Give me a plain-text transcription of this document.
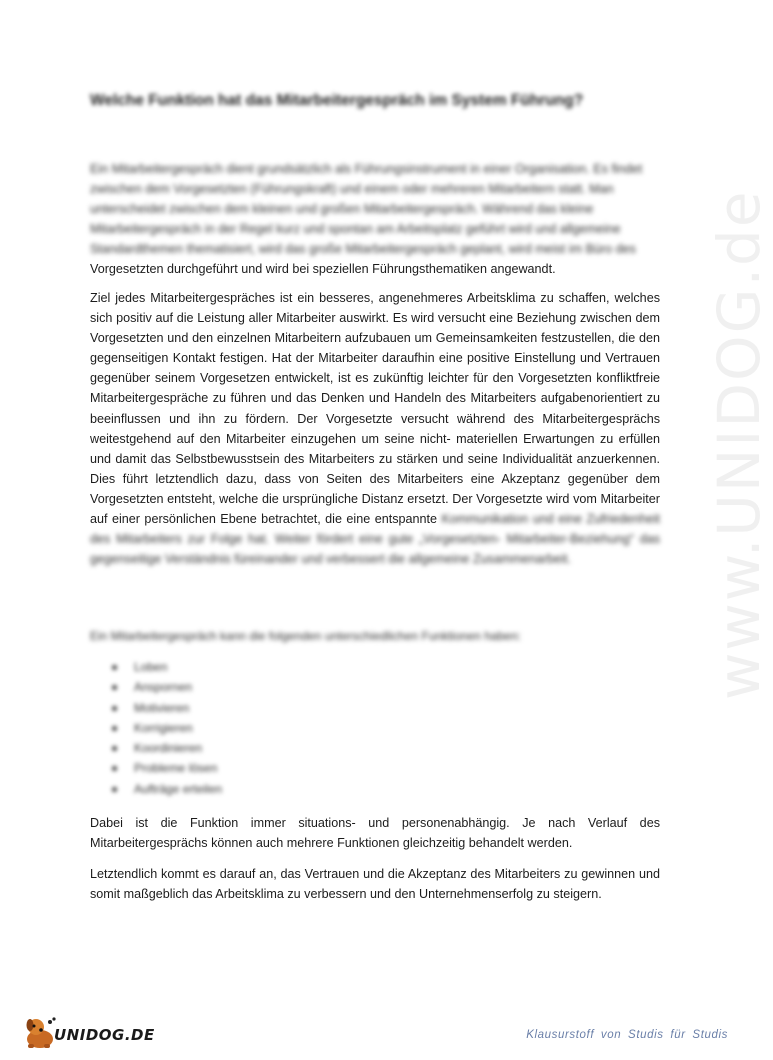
Welche Funktion hat das Mitarbeitergespräch im System Führung?
Ein Mitarbeitergespräch dient grundsätzlich als Führungsinstrument in einer Organisation. Es findet
zwischen dem Vorgesetzten (Führungskraft) und einem oder mehreren Mitarbeitern statt. Man
unterscheidet zwischen dem kleinen und großen Mitarbeitergespräch. Während das kleine
Mitarbeitergespräch in der Regel kurz und spontan am Arbeitsplatz geführt wird und allgemeine
Standardthemen thematisiert, wird das große Mitarbeitergespräch geplant, wird meist im Büro des
Vorgesetzten durchgeführt und wird bei speziellen Führungsthematiken angewandt.
Ziel jedes Mitarbeitergespräches ist ein besseres, angenehmeres Arbeitsklima zu schaffen, welches sich positiv auf die Leistung aller Mitarbeiter auswirkt. Es wird versucht eine Beziehung zwischen dem Vorgesetzten und den einzelnen Mitarbeitern aufzubauen um Gemeinsamkeiten festzustellen, die den gegenseitigen Kontakt festigen. Hat der Mitarbeiter daraufhin eine positive Einstellung und Vertrauen gegenüber seinem Vorgesetzen entwickelt, ist es zukünftig leichter für den Vorgesetzten konfliktfreie Mitarbeitergespräche zu führen und das Denken und Handeln des Mitarbeiters aufgabenorientiert zu beeinflussen und ihn zu fördern. Der Vorgesetzte versucht während des Mitarbeitergesprächs weitestgehend auf den Mitarbeiter einzugehen um seine nicht- materiellen Erwartungen zu erfüllen und damit das Selbstbewusstsein des Mitarbeiters zu stärken und seine Individualität anzuerkennen. Dies führt letztendlich dazu, dass von Seiten des Mitarbeiters eine Akzeptanz gegenüber dem Vorgesetzten entsteht, welche die ursprüngliche Distanz ersetzt. Der Vorgesetzte wird vom Mitarbeiter auf einer persönlichen Ebene betrachtet, die eine entspannte Kommunikation und eine Zufriedenheit des Mitarbeiters zur Folge hat. Weiter fördert eine gute „Vorgesetzten- Mitarbeiter-Beziehung“ das gegenseitige Verständnis füreinander und verbessert die allgemeine Zusammenarbeit.
Ein Mitarbeitergespräch kann die folgenden unterschiedlichen Funktionen haben:
Loben
Anspornen
Motivieren
Korrigieren
Koordinieren
Probleme lösen
Aufträge erteilen
Dabei ist die Funktion immer situations- und personenabhängig. Je nach Verlauf des Mitarbeitergesprächs können auch mehrere Funktionen gleichzeitig behandelt werden.
Letztendlich kommt es darauf an, das Vertrauen und die Akzeptanz des Mitarbeiters zu gewinnen und somit maßgeblich das Arbeitsklima zu verbessern und den Unternehmenserfolg zu steigern.
www.UNIDOG.de
UNIDOG.DE	Klausurstoff von Studis für Studis
